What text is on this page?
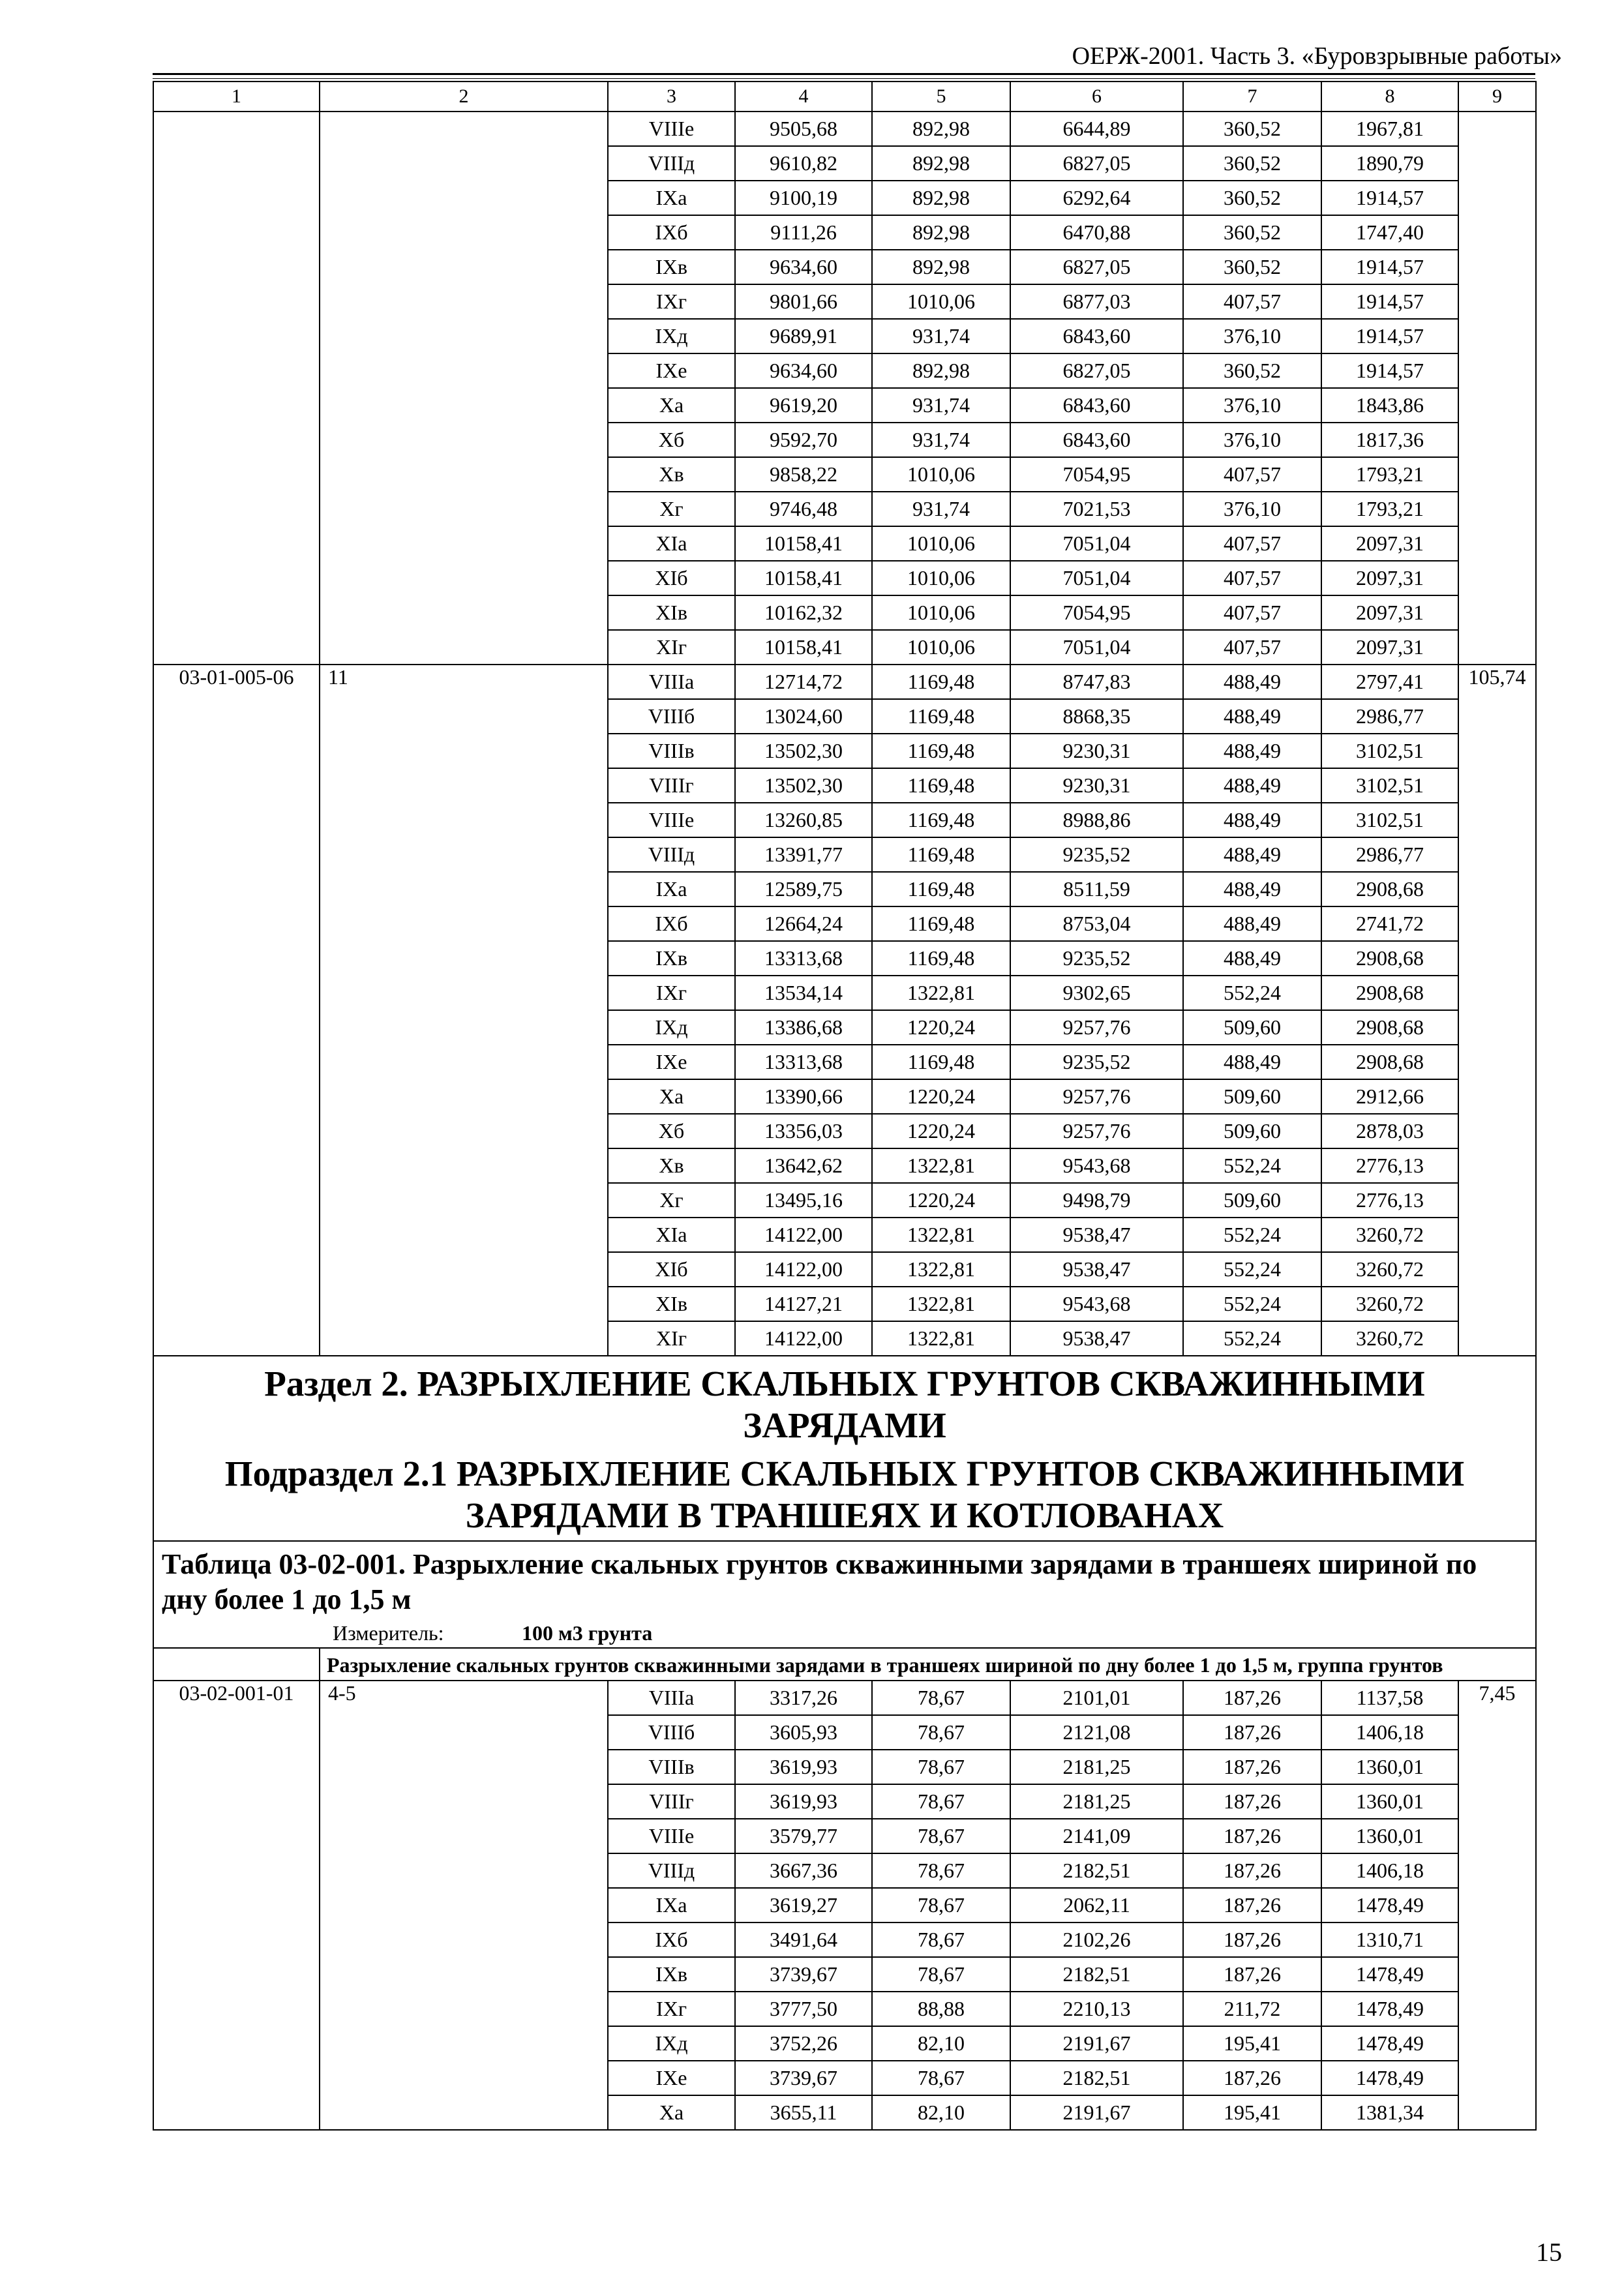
ОЕРЖ-2001. Часть 3. «Буровзрывные работы»
1	2	3	4	5	6	7	8	9
		VIIIе	9505,68	892,98	6644,89	360,52	1967,81	
		VIIIд	9610,82	892,98	6827,05	360,52	1890,79	
		IXа	9100,19	892,98	6292,64	360,52	1914,57	
		IXб	9111,26	892,98	6470,88	360,52	1747,40	
		IXв	9634,60	892,98	6827,05	360,52	1914,57	
		IXг	9801,66	1010,06	6877,03	407,57	1914,57	
		IXд	9689,91	931,74	6843,60	376,10	1914,57	
		IXе	9634,60	892,98	6827,05	360,52	1914,57	
		Xа	9619,20	931,74	6843,60	376,10	1843,86	
		Xб	9592,70	931,74	6843,60	376,10	1817,36	
		Xв	9858,22	1010,06	7054,95	407,57	1793,21	
		Xг	9746,48	931,74	7021,53	376,10	1793,21	
		XIа	10158,41	1010,06	7051,04	407,57	2097,31	
		XIб	10158,41	1010,06	7051,04	407,57	2097,31	
		XIв	10162,32	1010,06	7054,95	407,57	2097,31	
		XIг	10158,41	1010,06	7051,04	407,57	2097,31	
03-01-005-06	11	VIIIа	12714,72	1169,48	8747,83	488,49	2797,41	105,74
		VIIIб	13024,60	1169,48	8868,35	488,49	2986,77	
		VIIIв	13502,30	1169,48	9230,31	488,49	3102,51	
		VIIIг	13502,30	1169,48	9230,31	488,49	3102,51	
		VIIIе	13260,85	1169,48	8988,86	488,49	3102,51	
		VIIIд	13391,77	1169,48	9235,52	488,49	2986,77	
		IXа	12589,75	1169,48	8511,59	488,49	2908,68	
		IXб	12664,24	1169,48	8753,04	488,49	2741,72	
		IXв	13313,68	1169,48	9235,52	488,49	2908,68	
		IXг	13534,14	1322,81	9302,65	552,24	2908,68	
		IXд	13386,68	1220,24	9257,76	509,60	2908,68	
		IXе	13313,68	1169,48	9235,52	488,49	2908,68	
		Xа	13390,66	1220,24	9257,76	509,60	2912,66	
		Xб	13356,03	1220,24	9257,76	509,60	2878,03	
		Xв	13642,62	1322,81	9543,68	552,24	2776,13	
		Xг	13495,16	1220,24	9498,79	509,60	2776,13	
		XIа	14122,00	1322,81	9538,47	552,24	3260,72	
		XIб	14122,00	1322,81	9538,47	552,24	3260,72	
		XIв	14127,21	1322,81	9543,68	552,24	3260,72	
		XIг	14122,00	1322,81	9538,47	552,24	3260,72	

Раздел 2. РАЗРЫХЛЕНИЕ СКАЛЬНЫХ ГРУНТОВ СКВАЖИННЫМИ ЗАРЯДАМИ
Подраздел 2.1 РАЗРЫХЛЕНИЕ СКАЛЬНЫХ ГРУНТОВ СКВАЖИННЫМИ ЗАРЯДАМИ В ТРАНШЕЯХ И КОТЛОВАНАХ								

Таблица 03-02-001. Разрыхление скальных грунтов скважинными зарядами в траншеях шириной по дну более 1 до 1,5 м
Измеритель: 100 м3 грунта								

	Разрыхление скальных грунтов скважинными зарядами в траншеях шириной по дну более 1 до 1,5 м, группа грунтов							
03-02-001-01	4-5	VIIIа	3317,26	78,67	2101,01	187,26	1137,58	7,45
		VIIIб	3605,93	78,67	2121,08	187,26	1406,18	
		VIIIв	3619,93	78,67	2181,25	187,26	1360,01	
		VIIIг	3619,93	78,67	2181,25	187,26	1360,01	
		VIIIе	3579,77	78,67	2141,09	187,26	1360,01	
		VIIIд	3667,36	78,67	2182,51	187,26	1406,18	
		IXа	3619,27	78,67	2062,11	187,26	1478,49	
		IXб	3491,64	78,67	2102,26	187,26	1310,71	
		IXв	3739,67	78,67	2182,51	187,26	1478,49	
		IXг	3777,50	88,88	2210,13	211,72	1478,49	
		IXд	3752,26	82,10	2191,67	195,41	1478,49	
		IXе	3739,67	78,67	2182,51	187,26	1478,49	
		Xа	3655,11	82,10	2191,67	195,41	1381,34	
15
